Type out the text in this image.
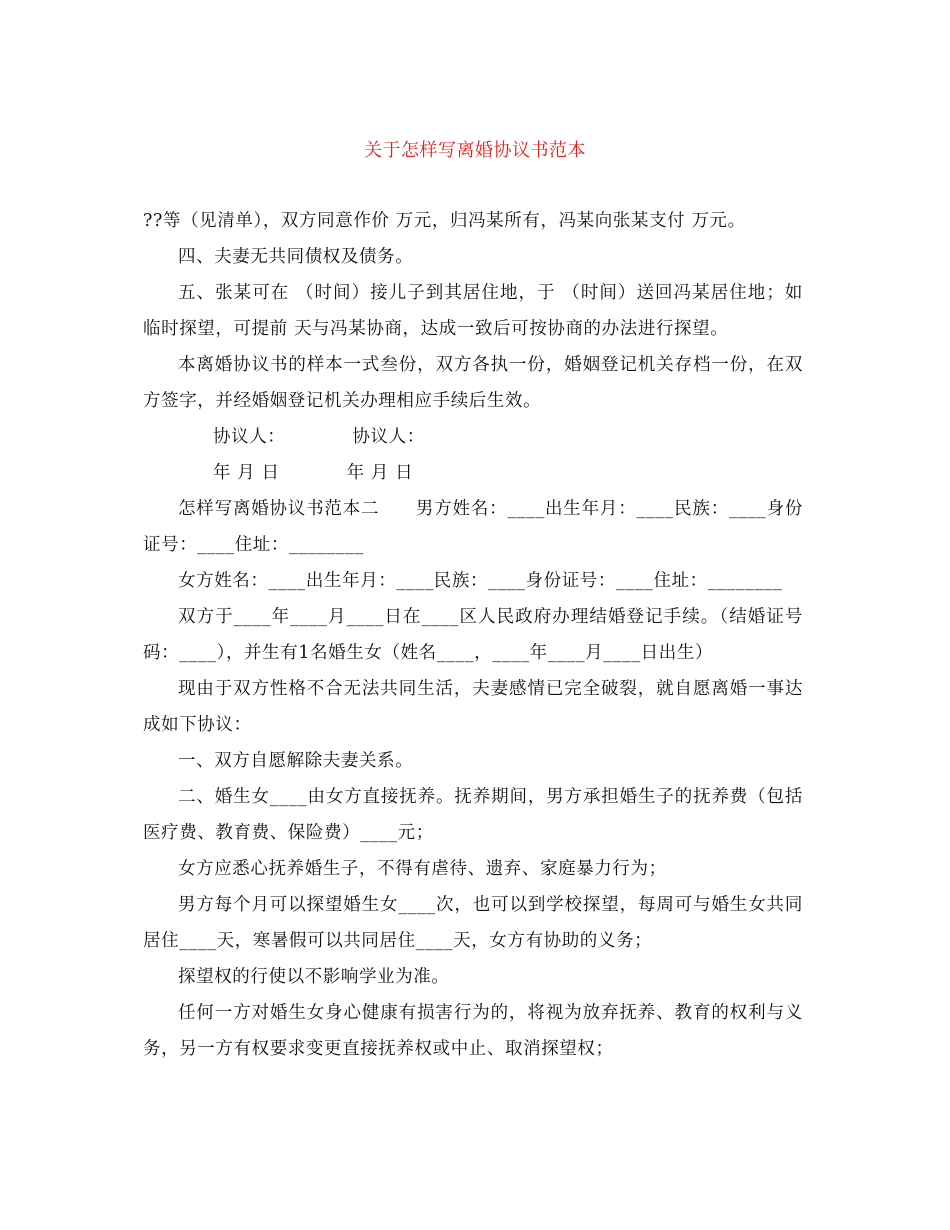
关于怎样写离婚协议书范本

??等（见清单），双方同意作价 万元，归冯某所有，冯某向张某支付 万元。

四、夫妻无共同债权及债务。

五、张某可在 （时间）接儿子到其居住地，于 （时间）送回冯某居住地；如临时探望，可提前 天与冯某协商，达成一致后可按协商的办法进行探望。

本离婚协议书的样本一式叁份，双方各执一份，婚姻登记机关存档一份，在双方签字，并经婚姻登记机关办理相应手续后生效。

协议人：	协议人：

年 月 日	年 月 日

怎样写离婚协议书范本二　　男方姓名：____出生年月：____民族：____身份证号：____住址：________

女方姓名：____出生年月：____民族：____身份证号：____住址：________

双方于____年____月____日在____区人民政府办理结婚登记手续。（结婚证号码：____），并生有1名婚生女（姓名____，____年____月____日出生）

现由于双方性格不合无法共同生活，夫妻感情已完全破裂，就自愿离婚一事达成如下协议：

一、双方自愿解除夫妻关系。

二、婚生女____由女方直接抚养。抚养期间，男方承担婚生子的抚养费（包括医疗费、教育费、保险费）____元；

女方应悉心抚养婚生子，不得有虐待、遗弃、家庭暴力行为；

男方每个月可以探望婚生女____次，也可以到学校探望，每周可与婚生女共同居住____天，寒暑假可以共同居住____天，女方有协助的义务；

探望权的行使以不影响学业为准。

任何一方对婚生女身心健康有损害行为的，将视为放弃抚养、教育的权利与义务，另一方有权要求变更直接抚养权或中止、取消探望权；
